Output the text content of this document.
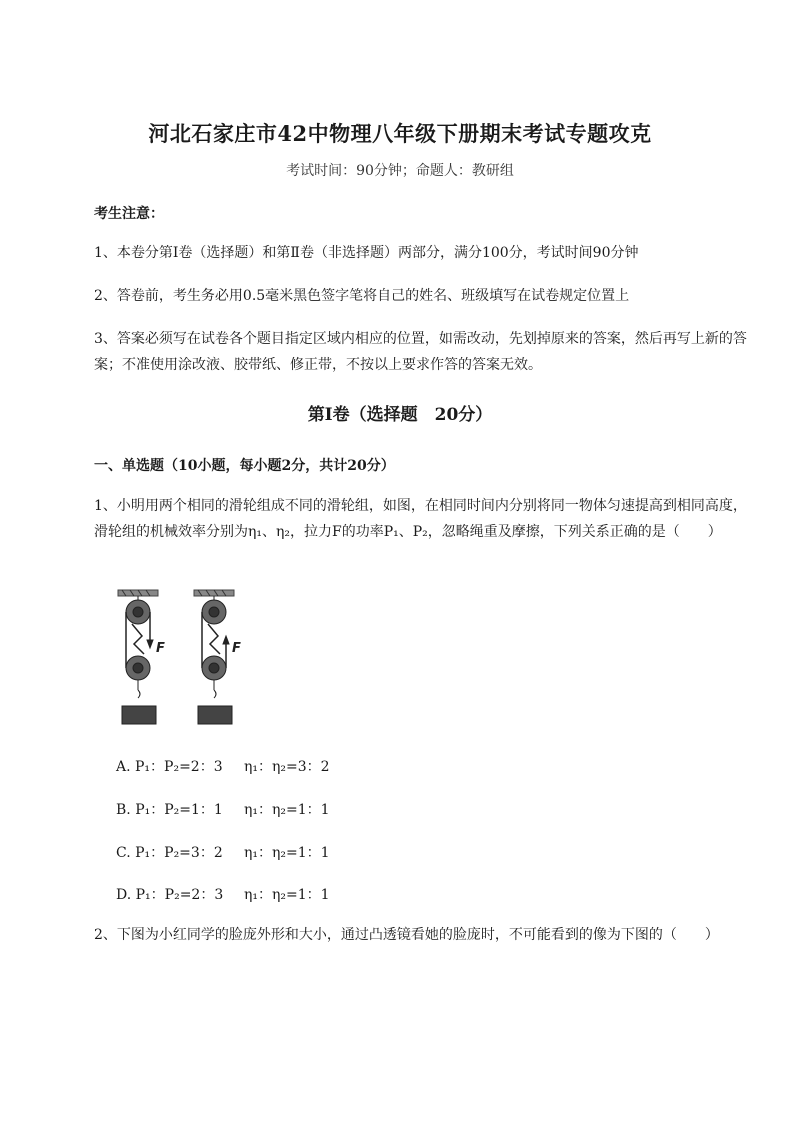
河北石家庄市42中物理八年级下册期末考试专题攻克
考试时间：90分钟；命题人：教研组
考生注意：
1、本卷分第I卷（选择题）和第Ⅱ卷（非选择题）两部分，满分100分，考试时间90分钟
2、答卷前，考生务必用0.5毫米黑色签字笔将自己的姓名、班级填写在试卷规定位置上
3、答案必须写在试卷各个题目指定区域内相应的位置，如需改动，先划掉原来的答案，然后再写上新的答案；不准使用涂改液、胶带纸、修正带，不按以上要求作答的答案无效。
第I卷（选择题　20分）
一、单选题（10小题，每小题2分，共计20分）
1、小明用两个相同的滑轮组成不同的滑轮组，如图，在相同时间内分别将同一物体匀速提高到相同高度，滑轮组的机械效率分别为η₁、η₂，拉力F的功率P₁、P₂，忽略绳重及摩擦，下列关系正确的是（　　）
F	F
A. P₁：P₂=2：3 η₁：η₂=3：2
B. P₁：P₂=1：1 η₁：η₂=1：1
C. P₁：P₂=3：2 η₁：η₂=1：1
D. P₁：P₂=2：3 η₁：η₂=1：1
2、下图为小红同学的脸庞外形和大小，通过凸透镜看她的脸庞时，不可能看到的像为下图的（　　）
